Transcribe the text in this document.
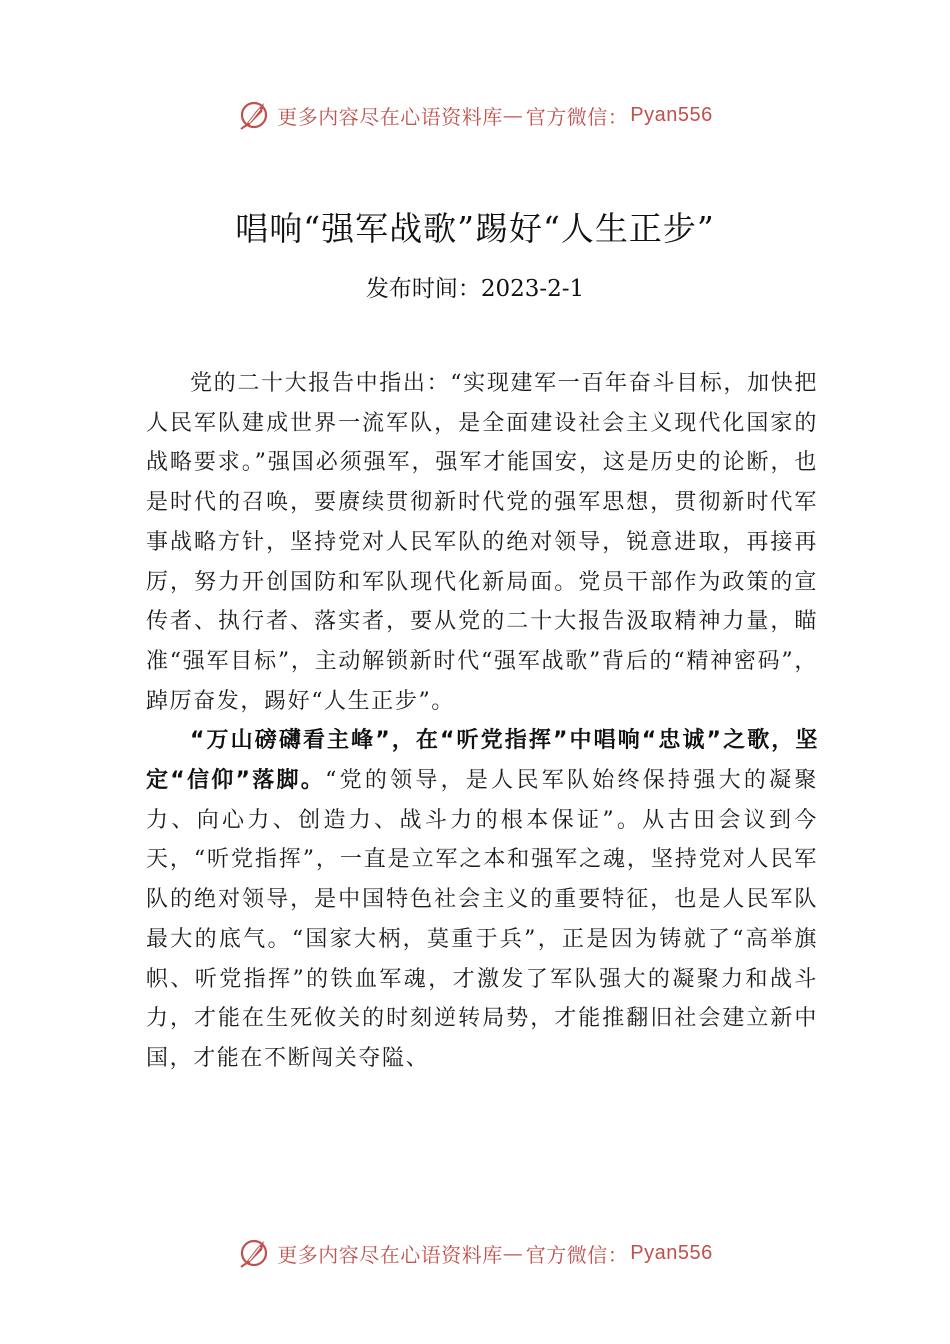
更多内容尽在心语资料库 — 官方微信： Pyan556
唱响“强军战歌”踢好“人生正步”
发布时间：2023-2-1

党的二十大报告中指出：“实现建军一百年奋斗目标，加快把人民军队建成世界一流军队，是全面建设社会主义现代化国家的战略要求。”强国必须强军，强军才能国安，这是历史的论断，也是时代的召唤，要赓续贯彻新时代党的强军思想，贯彻新时代军事战略方针，坚持党对人民军队的绝对领导，锐意进取，再接再厉，努力开创国防和军队现代化新局面。党员干部作为政策的宣传者、执行者、落实者，要从党的二十大报告汲取精神力量，瞄准“强军目标”，主动解锁新时代“强军战歌”背后的“精神密码”，踔厉奋发，踢好“人生正步”。

“万山磅礴看主峰”，在“听党指挥”中唱响“忠诚”之歌，坚定“信仰”落脚。“党的领导，是人民军队始终保持强大的凝聚力、向心力、创造力、战斗力的根本保证”。从古田会议到今天，“听党指挥”，一直是立军之本和强军之魂，坚持党对人民军队的绝对领导，是中国特色社会主义的重要特征，也是人民军队最大的底气。“国家大柄，莫重于兵”，正是因为铸就了“高举旗帜、听党指挥”的铁血军魂，才激发了军队强大的凝聚力和战斗力，才能在生死攸关的时刻逆转局势，才能推翻旧社会建立新中国，才能在不断闯关夺隘、

更多内容尽在心语资料库 — 官方微信： Pyan556
